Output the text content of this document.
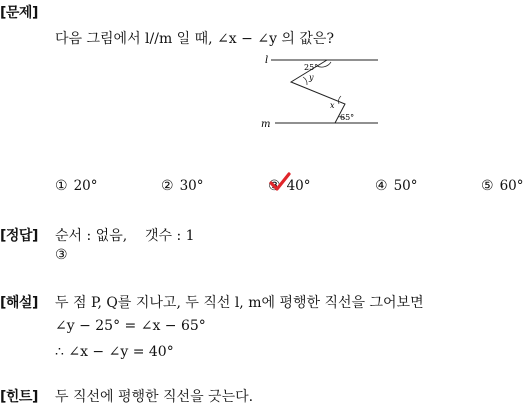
[문제]
다음 그림에서 l//m 일 때, ∠x − ∠y 의 값은?
l
m
25°
y
x
65°
① 20°	② 30°	③ 40°	④ 50°	⑤ 60°
[정답] 순서 : 없음,    갯수 : 1
③
[해설] 두 점 P, Q를 지나고, 두 직선 l, m에 평행한 직선을 그어보면
∠y − 25° = ∠x − 65°
∴ ∠x − ∠y = 40°
[힌트] 두 직선에 평행한 직선을 긋는다.
